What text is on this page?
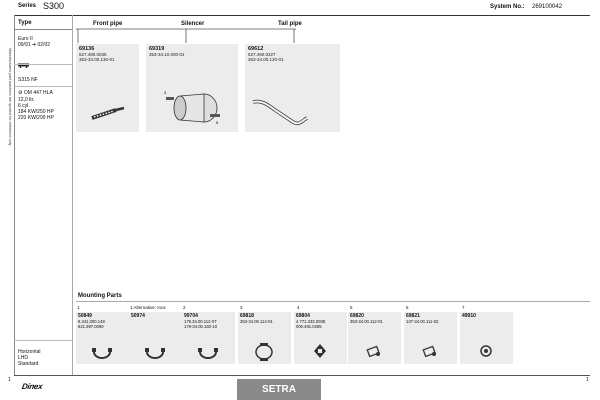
Series S300	System No.: 269100042
Manufacturers part numbers are quoted for reference only
Type
Euro II
09/91 ➜ 02/02
S315 NF
⚙ OM 447 HLA
12,0 ltr.
6 cyl.
184 KW/250 HP
220 KW/299 HP
Horizontal
LHD
Standard
Front pipe	Silencer	Tail pipe
69136
627.490.0035
353-34.00.130-01
69319
353-34.10.000-01
3
5
69612
627.490.0227
353-34.00.120-01
Mounting Parts
1	1 Alternative: Inox	2	3	4	5	6	7
50849
8.341.000.148
621.997.0090
50974	99704
179.34.00.112-07
179-34.00.160-10
69818
353-34.00.114-01
69804
4.771.333.000E
000.491.0285
69820
353-34.00.112-01
69821
137-34.00.111-02
49910
1	1
Dinex	SETRA
